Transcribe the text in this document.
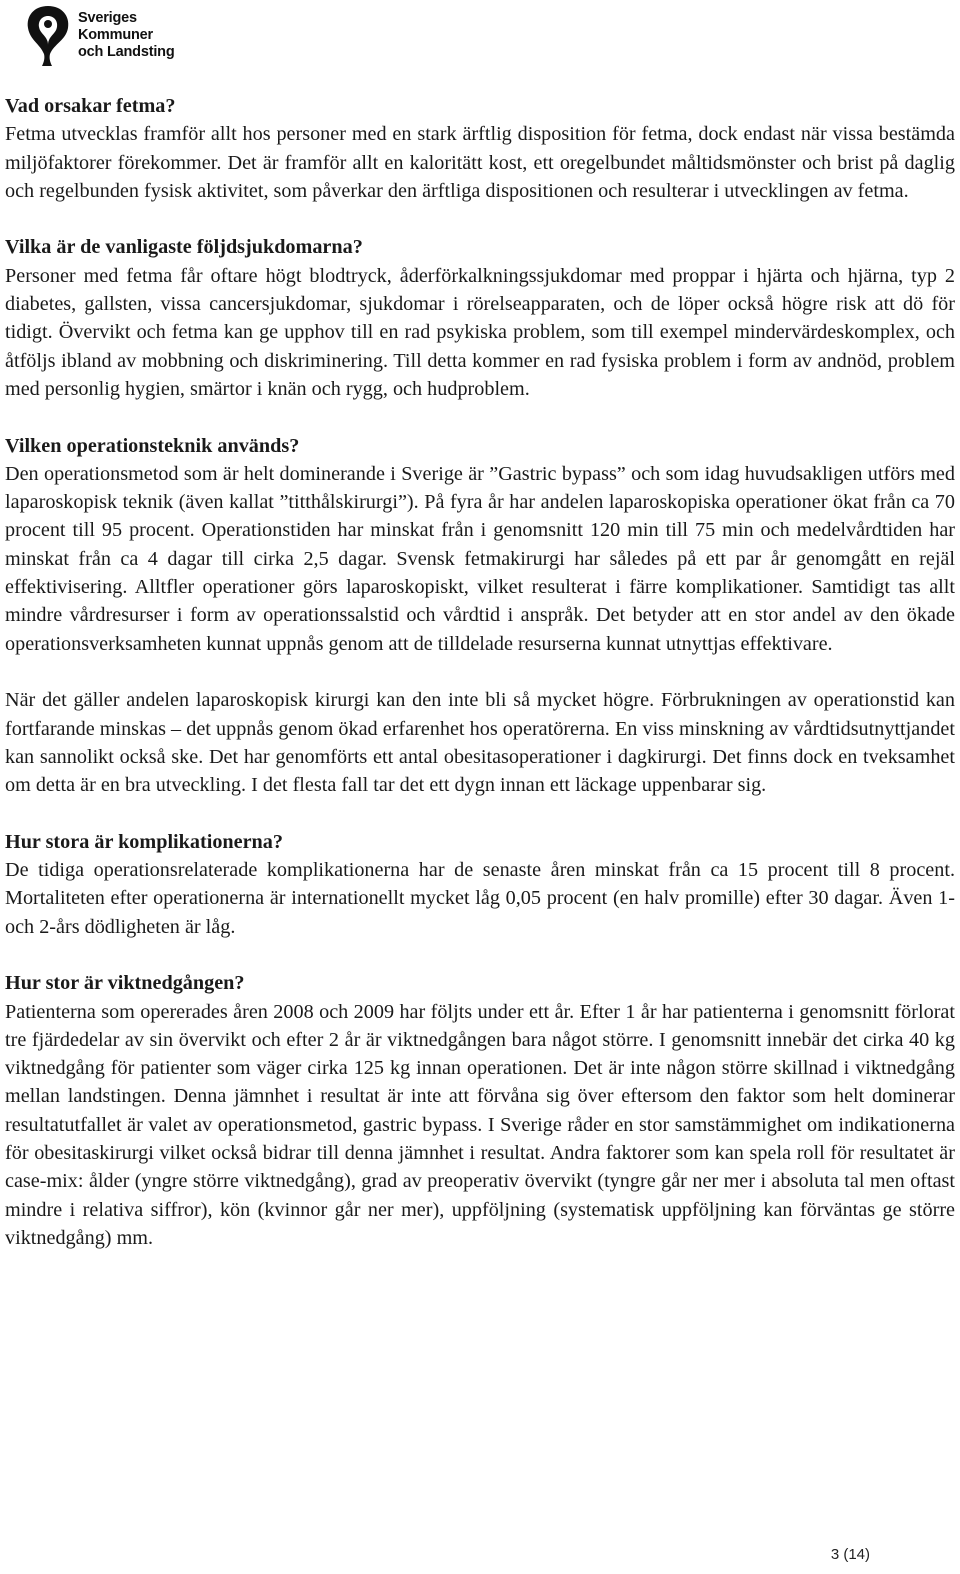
Sveriges
Kommuner
och Landsting
Vad orsakar fetma?

Fetma utvecklas framför allt hos personer med en stark ärftlig disposition för fetma, dock endast när vissa bestämda miljöfaktorer förekommer. Det är framför allt en kaloritätt kost, ett oregelbundet måltidsmönster och brist på daglig och regelbunden fysisk aktivitet, som påverkar den ärftliga dispositionen och resulterar i utvecklingen av fetma.

Vilka är de vanligaste följdsjukdomarna?

Personer med fetma får oftare högt blodtryck, åderförkalkningssjukdomar med proppar i hjärta och hjärna, typ 2 diabetes, gallsten, vissa cancersjukdomar, sjukdomar i rörelseapparaten, och de löper också högre risk att dö för tidigt. Övervikt och fetma kan ge upphov till en rad psykiska problem, som till exempel mindervärdeskomplex, och åtföljs ibland av mobbning och diskriminering. Till detta kommer en rad fysiska problem i form av andnöd, problem med personlig hygien, smärtor i knän och rygg, och hudproblem.

Vilken operationsteknik används?

Den operationsmetod som är helt dominerande i Sverige är ”Gastric bypass” och som idag huvudsakligen utförs med laparoskopisk teknik (även kallat ”titthålskirurgi”). På fyra år har andelen laparoskopiska operationer ökat från ca 70 procent till 95 procent. Operationstiden har minskat från i genomsnitt 120 min till 75 min och medelvårdtiden har minskat från ca 4 dagar till cirka 2,5 dagar. Svensk fetmakirurgi har således på ett par år genomgått en rejäl effektivisering. Alltfler operationer görs laparoskopiskt, vilket resulterat i färre komplikationer. Samtidigt tas allt mindre vårdresurser i form av operationssalstid och vårdtid i anspråk. Det betyder att en stor andel av den ökade operationsverksamheten kunnat uppnås genom att de tilldelade resurserna kunnat utnyttjas effektivare.

När det gäller andelen laparoskopisk kirurgi kan den inte bli så mycket högre. Förbrukningen av operationstid kan fortfarande minskas – det uppnås genom ökad erfarenhet hos operatörerna. En viss minskning av vårdtidsutnyttjandet kan sannolikt också ske. Det har genomförts ett antal obesitasoperationer i dagkirurgi. Det finns dock en tveksamhet om detta är en bra utveckling. I det flesta fall tar det ett dygn innan ett läckage uppenbarar sig.

Hur stora är komplikationerna?

De tidiga operationsrelaterade komplikationerna har de senaste åren minskat från ca 15 procent till 8 procent. Mortaliteten efter operationerna är internationellt mycket låg 0,05 procent (en halv promille) efter 30 dagar. Även 1- och 2-års dödligheten är låg.

Hur stor är viktnedgången?

Patienterna som opererades åren 2008 och 2009 har följts under ett år. Efter 1 år har patienterna i genomsnitt förlorat tre fjärdedelar av sin övervikt och efter 2 år är viktnedgången bara något större. I genomsnitt innebär det cirka 40 kg viktnedgång för patienter som väger cirka 125 kg innan operationen. Det är inte någon större skillnad i viktnedgång mellan landstingen. Denna jämnhet i resultat är inte att förvåna sig över eftersom den faktor som helt dominerar resultatutfallet är valet av operationsmetod, gastric bypass. I Sverige råder en stor samstämmighet om indikationerna för obesitaskirurgi vilket också bidrar till denna jämnhet i resultat. Andra faktorer som kan spela roll för resultatet är case-mix: ålder (yngre större viktnedgång), grad av preoperativ övervikt (tyngre går ner mer i absoluta tal men oftast mindre i relativa siffror), kön (kvinnor går ner mer), uppföljning (systematisk uppföljning kan förväntas ge större viktnedgång) mm.

3 (14)
